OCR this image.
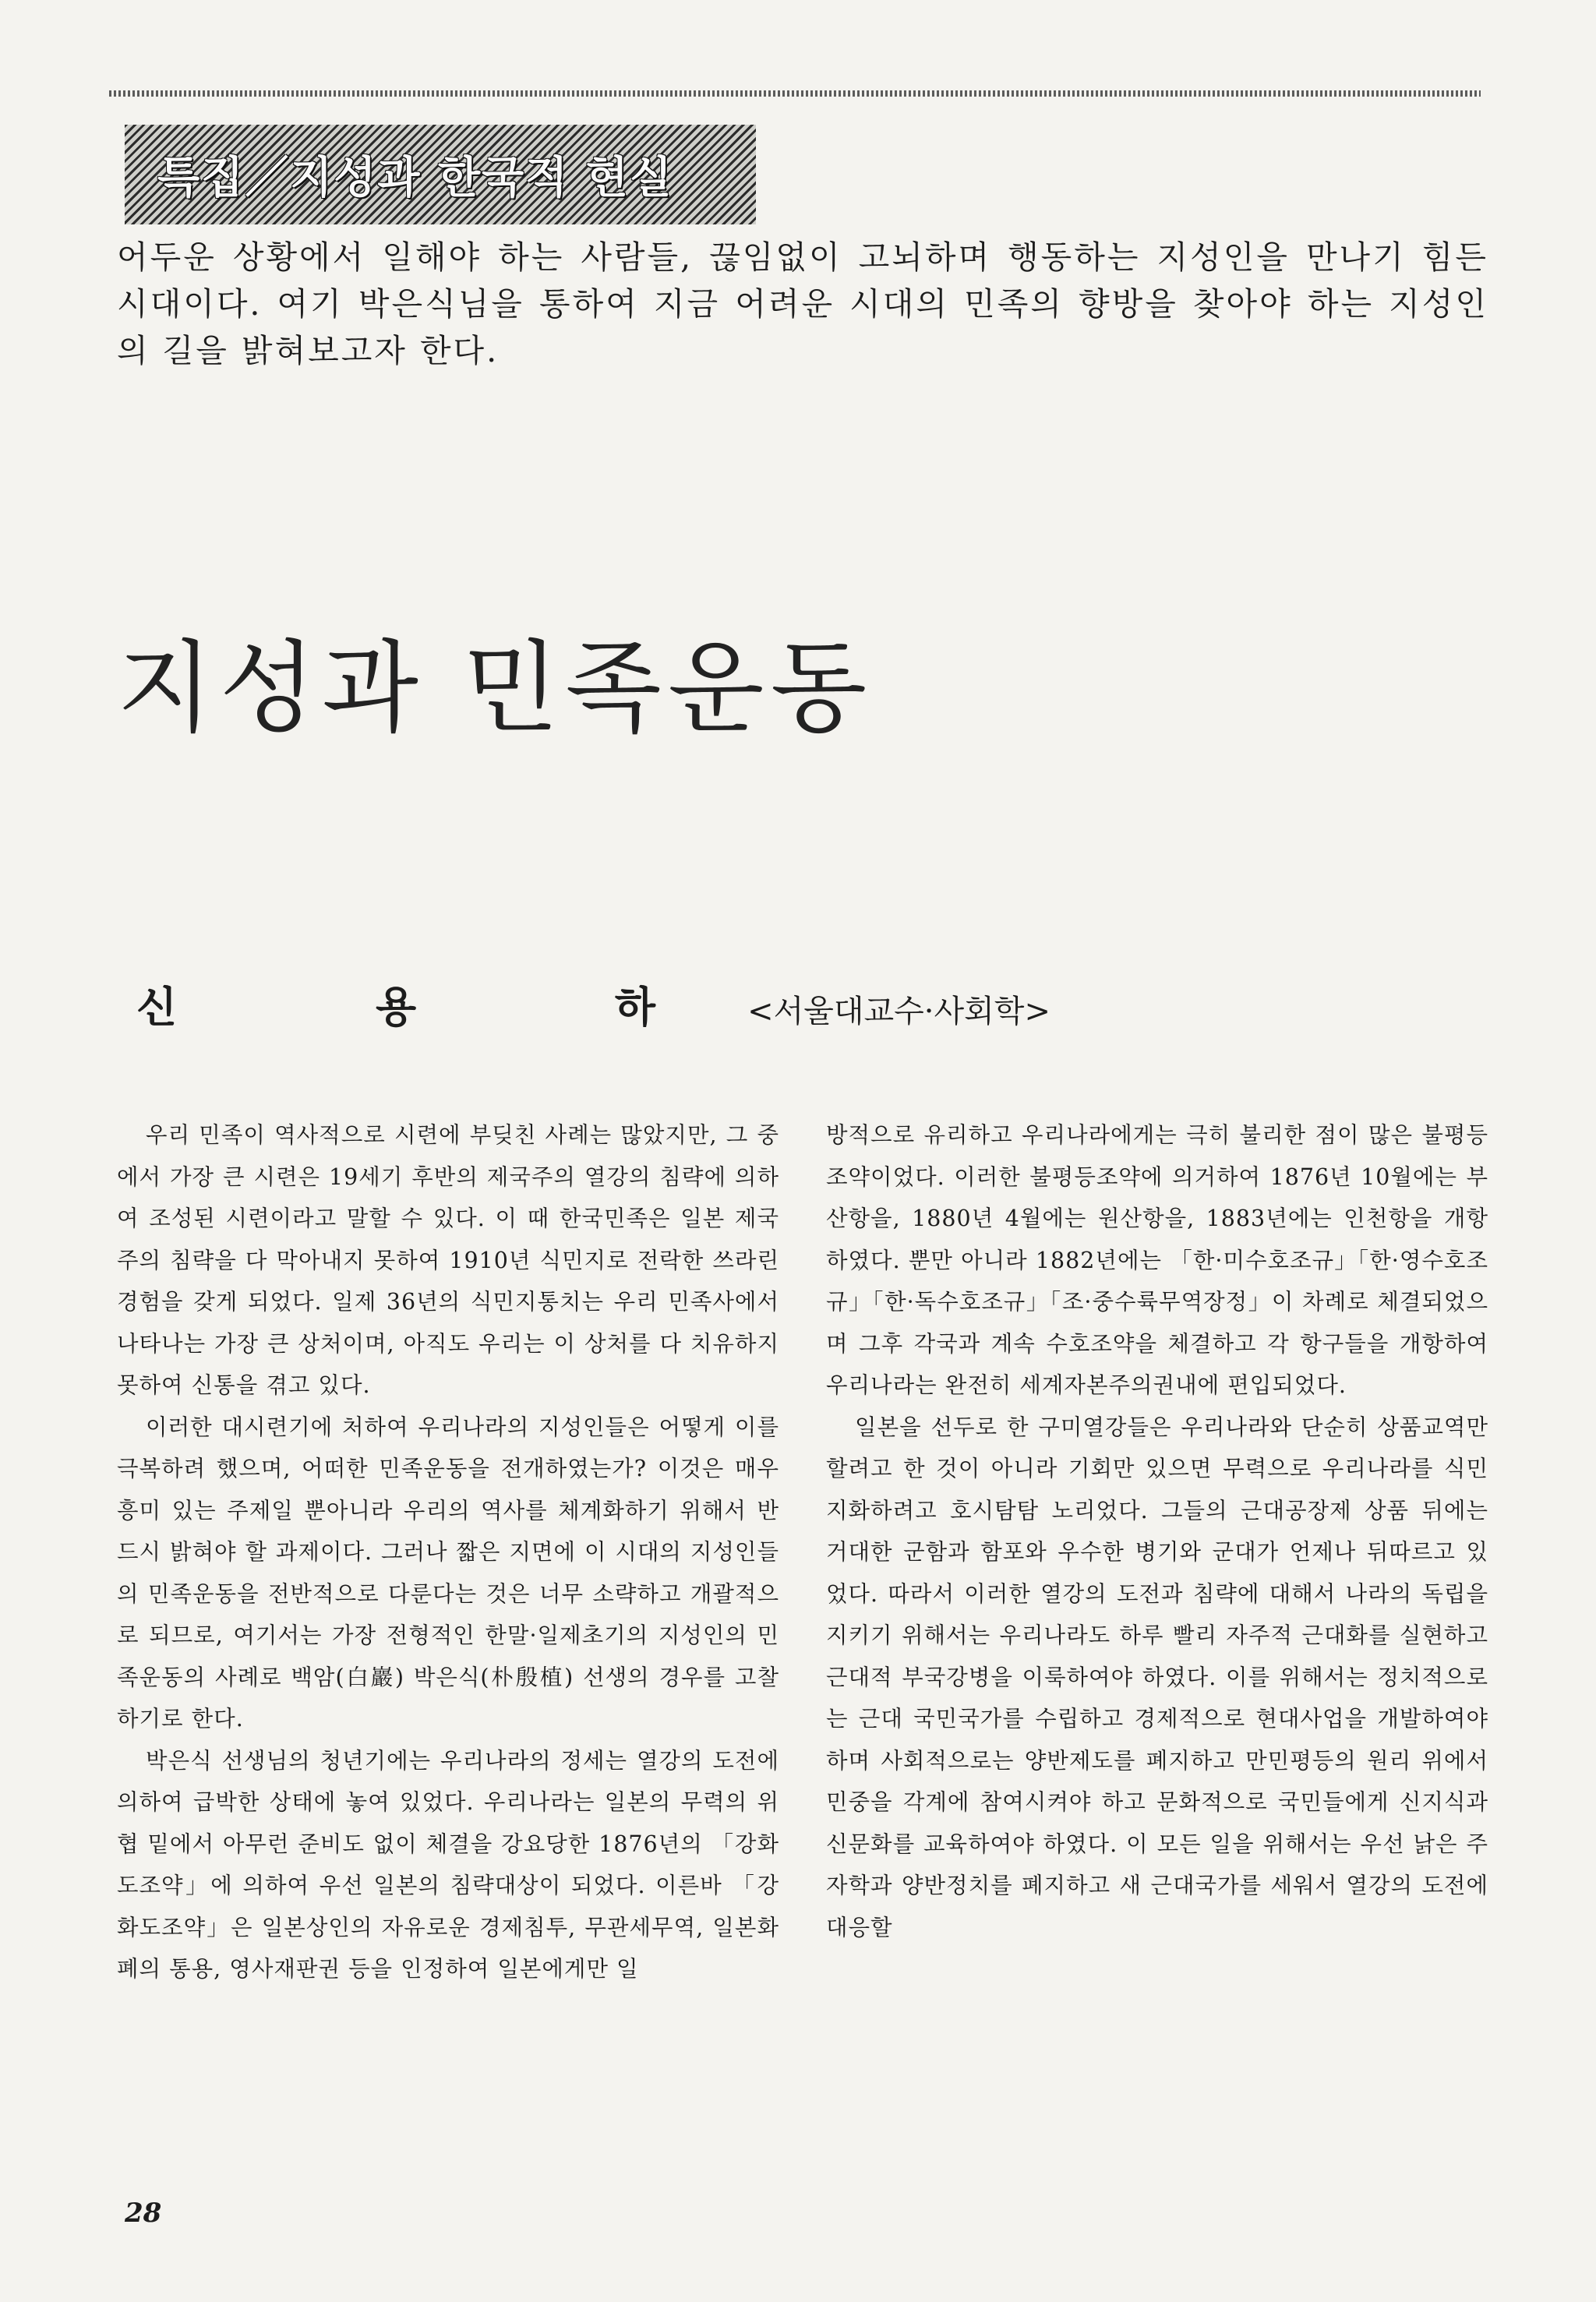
특집／지성과 한국적 현실

어두운 상황에서 일해야 하는 사람들, 끊임없이 고뇌하며 행동하는 지성인을 만나기 힘든 시대이다. 여기 박은식님을 통하여 지금 어려운 시대의 민족의 향방을 찾아야 하는 지성인의 길을 밝혀보고자 한다.

지성과 민족운동
신 용 하 <서울대교수·사회학>

우리 민족이 역사적으로 시련에 부딪친 사례는 많았지만, 그 중에서 가장 큰 시련은 19세기 후반의 제국주의 열강의 침략에 의하여 조성된 시련이라고 말할 수 있다. 이 때 한국민족은 일본 제국주의 침략을 다 막아내지 못하여 1910년 식민지로 전락한 쓰라린 경험을 갖게 되었다. 일제 36년의 식민지통치는 우리 민족사에서 나타나는 가장 큰 상처이며, 아직도 우리는 이 상처를 다 치유하지 못하여 신통을 겪고 있다.

이러한 대시련기에 처하여 우리나라의 지성인들은 어떻게 이를 극복하려 했으며, 어떠한 민족운동을 전개하였는가? 이것은 매우 흥미 있는 주제일 뿐아니라 우리의 역사를 체계화하기 위해서 반드시 밝혀야 할 과제이다. 그러나 짧은 지면에 이 시대의 지성인들의 민족운동을 전반적으로 다룬다는 것은 너무 소략하고 개괄적으로 되므로, 여기서는 가장 전형적인 한말·일제초기의 지성인의 민족운동의 사례로 백암(白巖) 박은식(朴殷植) 선생의 경우를 고찰하기로 한다.

박은식 선생님의 청년기에는 우리나라의 정세는 열강의 도전에 의하여 급박한 상태에 놓여 있었다. 우리나라는 일본의 무력의 위협 밑에서 아무런 준비도 없이 체결을 강요당한 1876년의 「강화도조약」에 의하여 우선 일본의 침략대상이 되었다. 이른바 「강화도조약」은 일본상인의 자유로운 경제침투, 무관세무역, 일본화폐의 통용, 영사재판권 등을 인정하여 일본에게만 일

방적으로 유리하고 우리나라에게는 극히 불리한 점이 많은 불평등조약이었다. 이러한 불평등조약에 의거하여 1876년 10월에는 부산항을, 1880년 4월에는 원산항을, 1883년에는 인천항을 개항하였다. 뿐만 아니라 1882년에는 「한·미수호조규」「한·영수호조규」「한·독수호조규」「조·중수륙무역장정」이 차례로 체결되었으며 그후 각국과 계속 수호조약을 체결하고 각 항구들을 개항하여 우리나라는 완전히 세계자본주의권내에 편입되었다.

일본을 선두로 한 구미열강들은 우리나라와 단순히 상품교역만 할려고 한 것이 아니라 기회만 있으면 무력으로 우리나라를 식민지화하려고 호시탐탐 노리었다. 그들의 근대공장제 상품 뒤에는 거대한 군함과 함포와 우수한 병기와 군대가 언제나 뒤따르고 있었다. 따라서 이러한 열강의 도전과 침략에 대해서 나라의 독립을 지키기 위해서는 우리나라도 하루 빨리 자주적 근대화를 실현하고 근대적 부국강병을 이룩하여야 하였다. 이를 위해서는 정치적으로는 근대 국민국가를 수립하고 경제적으로 현대사업을 개발하여야 하며 사회적으로는 양반제도를 폐지하고 만민평등의 원리 위에서 민중을 각계에 참여시켜야 하고 문화적으로 국민들에게 신지식과 신문화를 교육하여야 하였다. 이 모든 일을 위해서는 우선 낡은 주자학과 양반정치를 폐지하고 새 근대국가를 세워서 열강의 도전에 대응할

28
